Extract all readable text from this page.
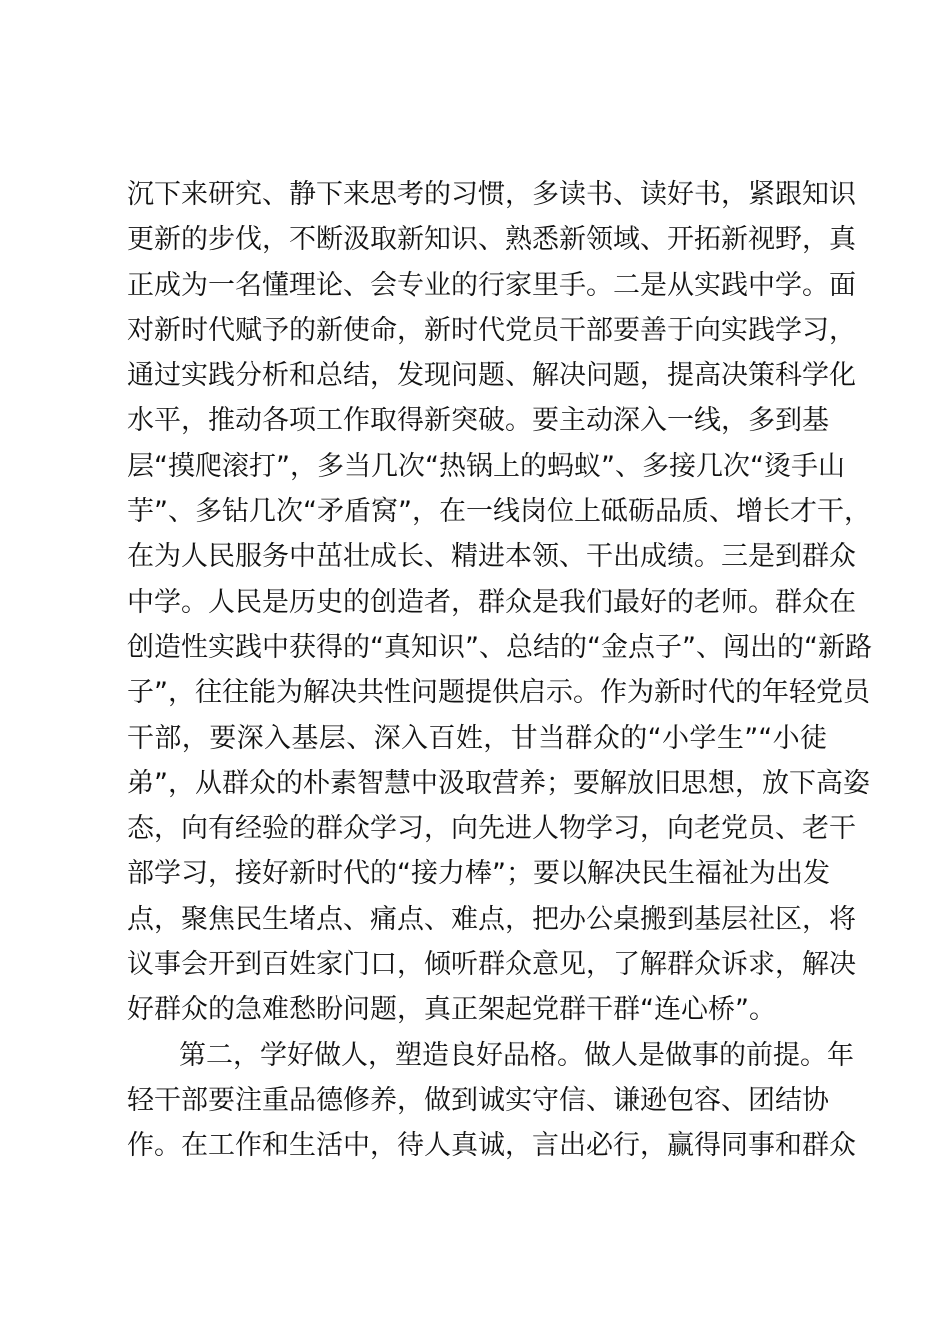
沉下来研究、静下来思考的习惯，多读书、读好书，紧跟知识
更新的步伐，不断汲取新知识、熟悉新领域、开拓新视野，真
正成为一名懂理论、会专业的行家里手。二是从实践中学。面
对新时代赋予的新使命，新时代党员干部要善于向实践学习，
通过实践分析和总结，发现问题、解决问题，提高决策科学化
水平，推动各项工作取得新突破。要主动深入一线，多到基
层“摸爬滚打”，多当几次“热锅上的蚂蚁”、多接几次“烫手山
芋”、多钻几次“矛盾窝”，在一线岗位上砥砺品质、增长才干，
在为人民服务中茁壮成长、精进本领、干出成绩。三是到群众
中学。人民是历史的创造者，群众是我们最好的老师。群众在
创造性实践中获得的“真知识”、总结的“金点子”、闯出的“新路
子”，往往能为解决共性问题提供启示。作为新时代的年轻党员
干部，要深入基层、深入百姓，甘当群众的“小学生”“小徒
弟”，从群众的朴素智慧中汲取营养；要解放旧思想，放下高姿
态，向有经验的群众学习，向先进人物学习，向老党员、老干
部学习，接好新时代的“接力棒”；要以解决民生福祉为出发
点，聚焦民生堵点、痛点、难点，把办公桌搬到基层社区，将
议事会开到百姓家门口，倾听群众意见，了解群众诉求，解决
好群众的急难愁盼问题，真正架起党群干群“连心桥”。
第二，学好做人，塑造良好品格。做人是做事的前提。年
轻干部要注重品德修养，做到诚实守信、谦逊包容、团结协
作。在工作和生活中，待人真诚，言出必行，赢得同事和群众
